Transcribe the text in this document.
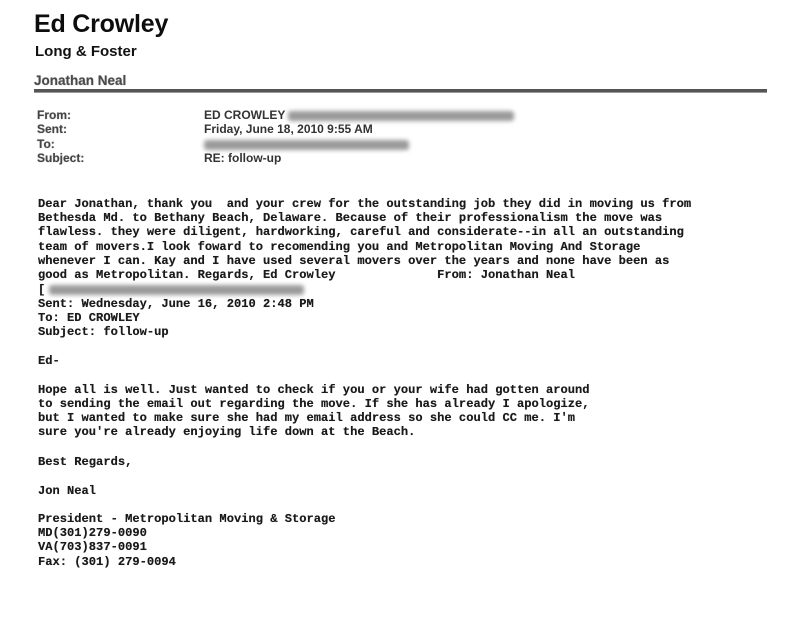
Ed Crowley
Long & Foster
Jonathan Neal
From:
Sent:
To:
Subject:
ED CROWLEY
Friday, June 18, 2010 9:55 AM
RE: follow-up
Dear Jonathan, thank you  and your crew for the outstanding job they did in moving us from
Bethesda Md. to Bethany Beach, Delaware. Because of their professionalism the move was
flawless. they were diligent, hardworking, careful and considerate--in all an outstanding
team of movers.I look foward to recomending you and Metropolitan Moving And Storage
whenever I can. Kay and I have used several movers over the years and none have been as
good as Metropolitan. Regards, Ed Crowley              From: Jonathan Neal
[
Sent: Wednesday, June 16, 2010 2:48 PM
To: ED CROWLEY
Subject: follow-up
Ed-
Hope all is well. Just wanted to check if you or your wife had gotten around
to sending the email out regarding the move. If she has already I apologize,
but I wanted to make sure she had my email address so she could CC me. I'm
sure you're already enjoying life down at the Beach.
Best Regards,
Jon Neal
President - Metropolitan Moving & Storage
MD(301)279-0090
VA(703)837-0091
Fax: (301) 279-0094
